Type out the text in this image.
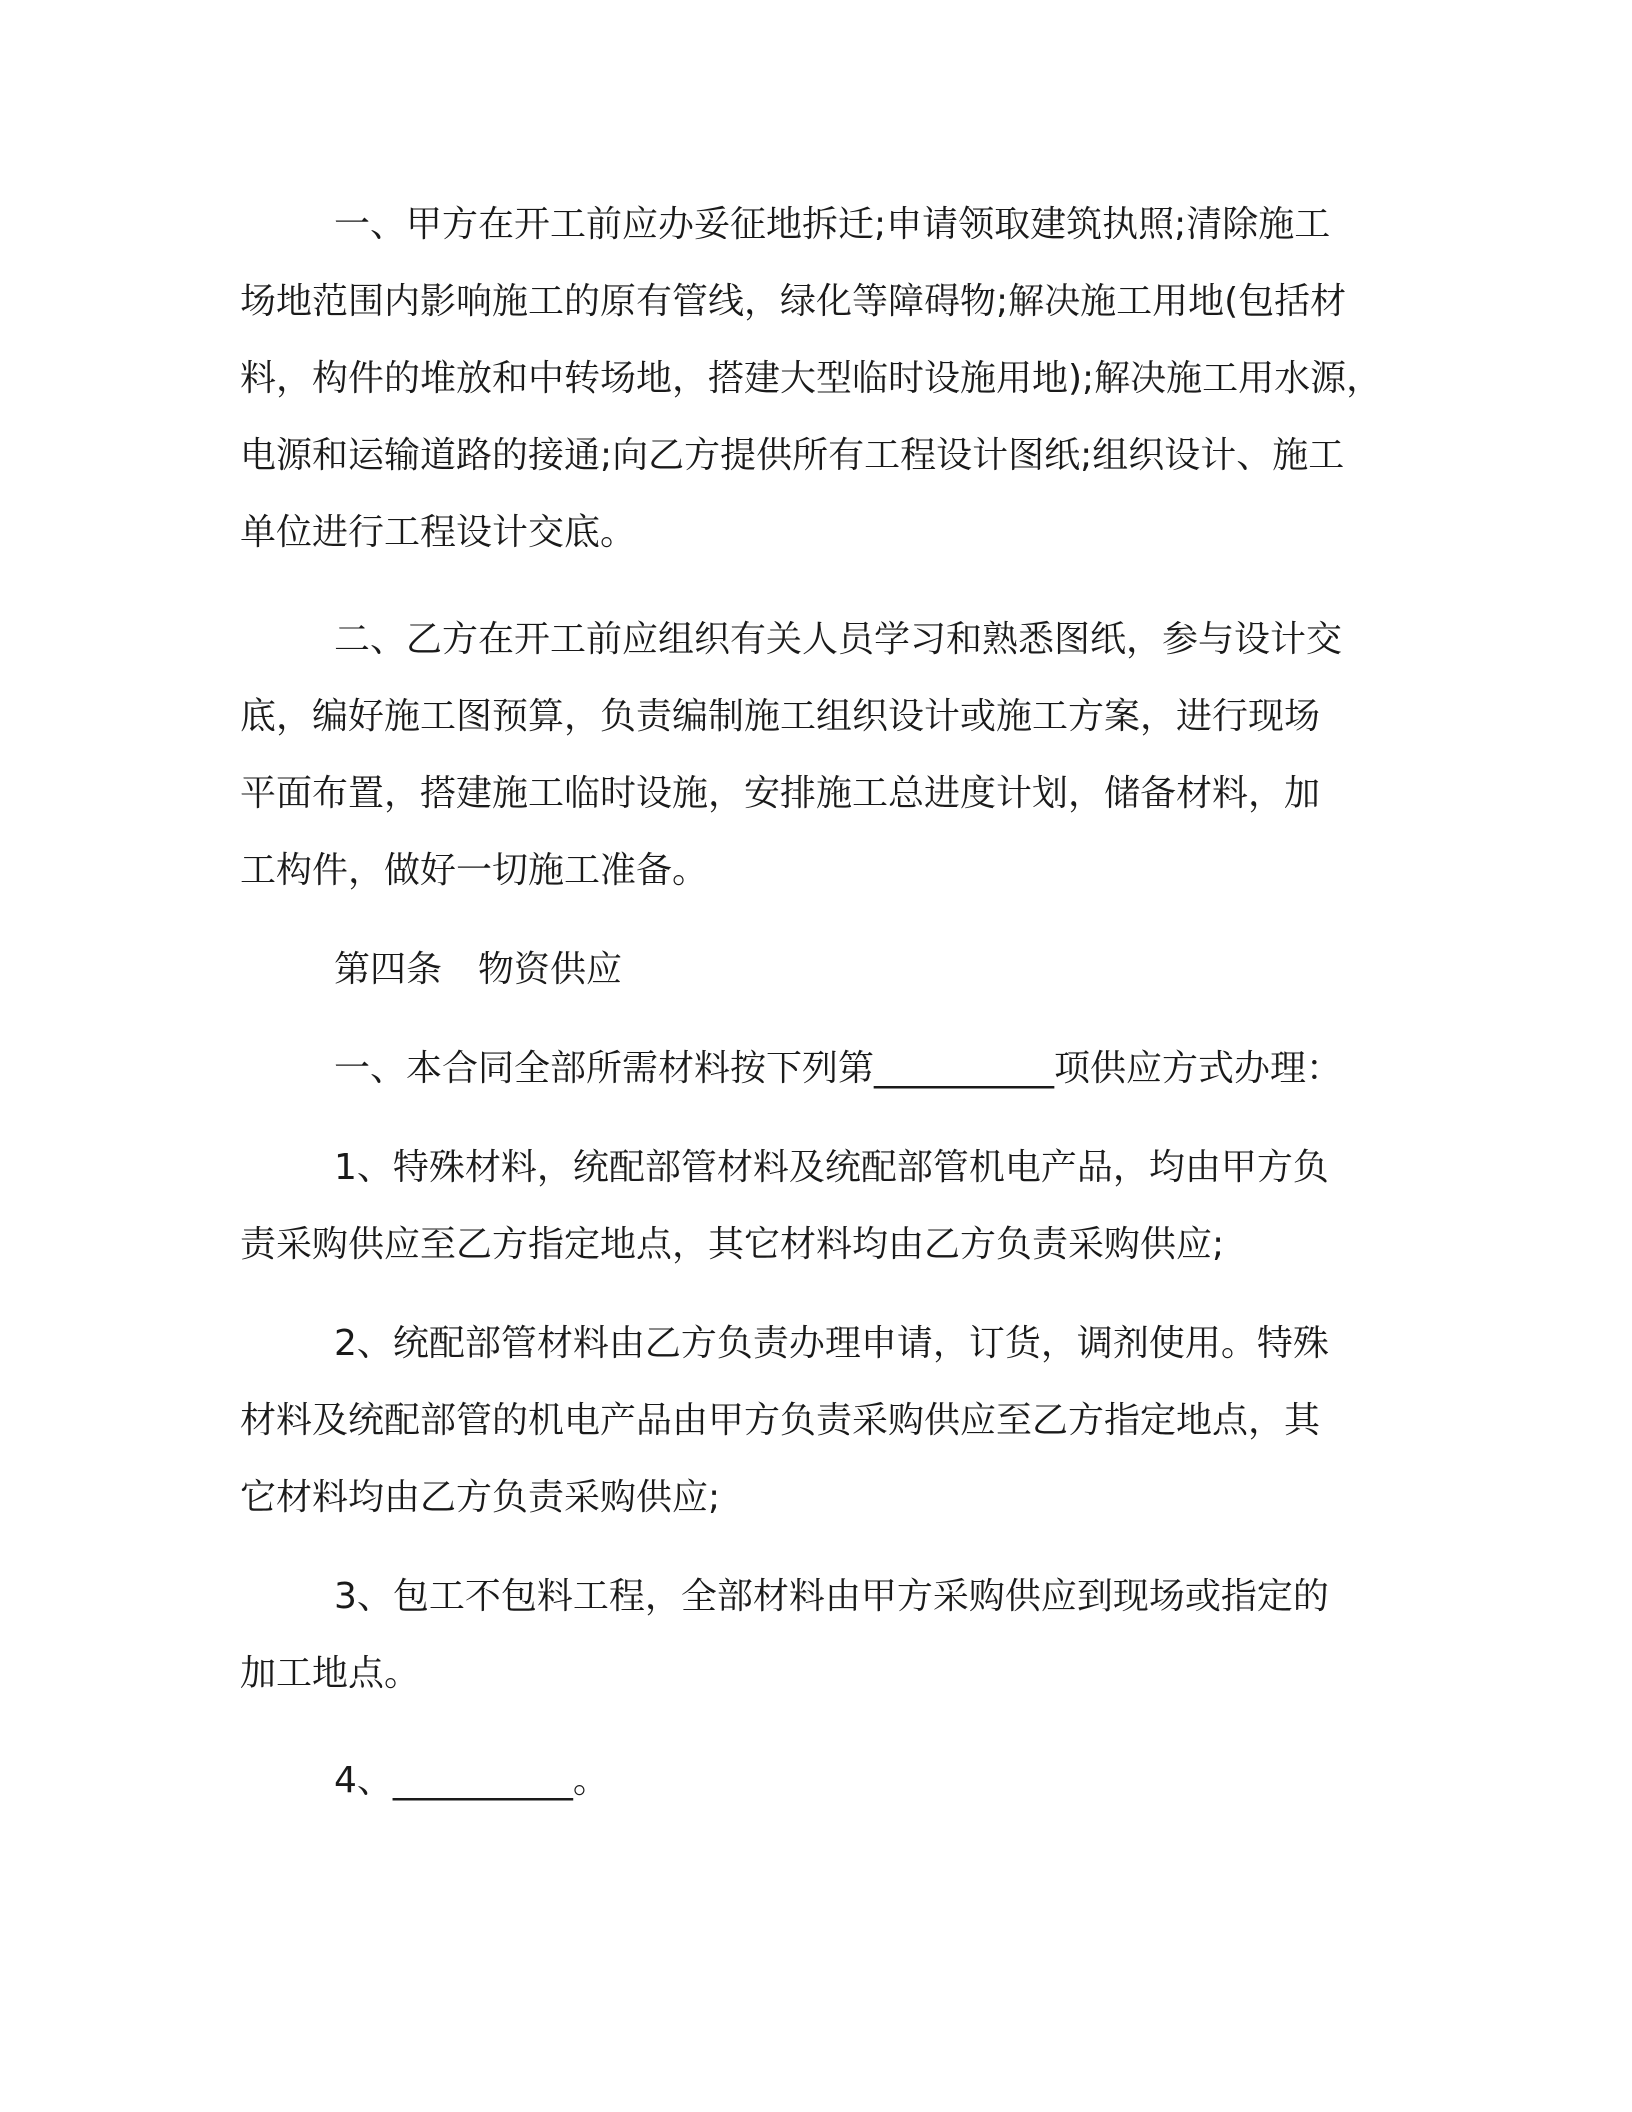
一、甲方在开工前应办妥征地拆迁;申请领取建筑执照;清除施工
场地范围内影响施工的原有管线，绿化等障碍物;解决施工用地(包括材
料，构件的堆放和中转场地，搭建大型临时设施用地);解决施工用水源，
电源和运输道路的接通;向乙方提供所有工程设计图纸;组织设计、施工
单位进行工程设计交底。
二、乙方在开工前应组织有关人员学习和熟悉图纸，参与设计交
底，编好施工图预算，负责编制施工组织设计或施工方案，进行现场
平面布置，搭建施工临时设施，安排施工总进度计划，储备材料，加
工构件，做好一切施工准备。
第四条　物资供应
一、本合同全部所需材料按下列第__________项供应方式办理：
1、特殊材料，统配部管材料及统配部管机电产品，均由甲方负
责采购供应至乙方指定地点，其它材料均由乙方负责采购供应;
2、统配部管材料由乙方负责办理申请，订货，调剂使用。特殊
材料及统配部管的机电产品由甲方负责采购供应至乙方指定地点，其
它材料均由乙方负责采购供应;
3、包工不包料工程，全部材料由甲方采购供应到现场或指定的
加工地点。
4、__________。
